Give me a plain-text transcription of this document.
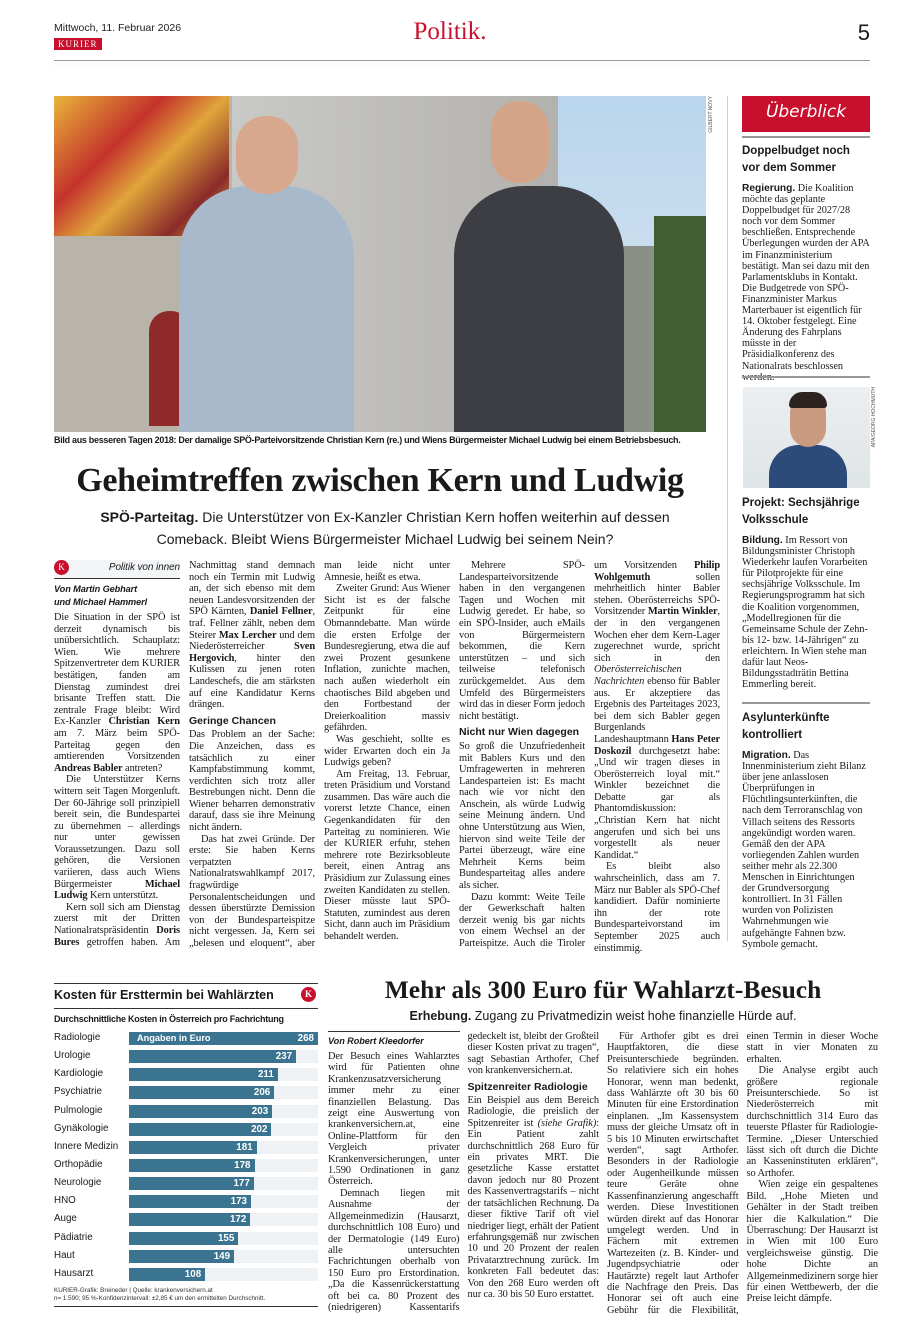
Mittwoch, 11. Februar 2026
KURIER	Politik.	5
GILBERT NOVY
Bild aus besseren Tagen 2018: Der damalige SPÖ-Parteivorsitzende Christian Kern (re.) und Wiens Bürgermeister Michael Ludwig bei einem Betriebsbesuch.
Geheimtreffen zwischen Kern und Ludwig
SPÖ-Parteitag. Die Unterstützer von Ex-Kanzler Christian Kern hoffen weiterhin auf dessen Comeback. Bleibt Wiens Bürgermeister Michael Ludwig bei seinem Nein?
K	Politik von innen
Von Martin Gebhart
und Michael Hammerl

Die Situation in der SPÖ ist derzeit dynamisch bis unübersichtlich. Schauplatz: Wien. Wie mehrere Spitzenvertreter dem KURIER bestätigen, fanden am Dienstag zumindest drei brisante Treffen statt. Die zentrale Frage bleibt: Wird Ex-Kanzler Christian Kern am 7. März beim SPÖ-Parteitag gegen den amtierenden Vorsitzenden Andreas Babler antreten?

Die Unterstützer Kerns wittern seit Tagen Morgenluft. Der 60-Jährige soll prinzipiell bereit sein, die Bundespartei zu übernehmen – allerdings nur unter gewissen Voraussetzungen. Dazu soll gehören, die Versionen variieren, dass auch Wiens Bürgermeister Michael Ludwig Kern unterstützt.

Kern soll sich am Dienstag zuerst mit der Dritten Nationalratspräsidentin Doris Bures getroffen haben. Am Nachmittag stand demnach noch ein Termin mit Ludwig an, der sich ebenso mit dem neuen Landesvorsitzenden der SPÖ Kärnten, Daniel Fellner, traf. Fellner zählt, neben dem Steirer Max Lercher und dem Niederösterreicher Sven Hergovich, hinter den Kulissen zu jenen roten Landeschefs, die am stärksten auf eine Kandidatur Kerns drängen.

Geringe Chancen

Das Problem an der Sache: Die Anzeichen, dass es tatsächlich zu einer Kampfabstimmung kommt, verdichten sich trotz aller Bestrebungen nicht. Denn die Wiener beharren demonstrativ darauf, dass sie ihre Meinung nicht ändern.

Das hat zwei Gründe. Der erste: Sie haben Kerns verpatzten Nationalratswahlkampf 2017, fragwürdige Personalentscheidungen und dessen überstürzte Demission von der Bundesparteispitze nicht vergessen. Ja, Kern sei „belesen und eloquent“, aber man leide nicht unter Amnesie, heißt es etwa.

Zweiter Grund: Aus Wiener Sicht ist es der falsche Zeitpunkt für eine Obmanndebatte. Man würde die ersten Erfolge der Bundesregierung, etwa die auf zwei Prozent gesunkene Inflation, zunichte machen, nach außen wiederholt ein chaotisches Bild abgeben und den Fortbestand der Dreierkoalition massiv gefährden.

Was geschieht, sollte es wider Erwarten doch ein Ja Ludwigs geben?

Am Freitag, 13. Februar, treten Präsidium und Vorstand zusammen. Das wäre auch die vorerst letzte Chance, einen Gegenkandidaten für den Parteitag zu nominieren. Wie der KURIER erfuhr, stehen mehrere rote Bezirksobleute bereit, einen Antrag ans Präsidium zur Zulassung eines zweiten Kandidaten zu stellen. Dieser müsste laut SPÖ-Statuten, zumindest aus deren Sicht, dann auch im Präsidium behandelt werden.

Mehrere SPÖ-Landesparteivorsitzende haben in den vergangenen Tagen und Wochen mit Ludwig geredet. Er habe, so ein SPÖ-Insider, auch eMails von Bürgermeistern bekommen, die Kern unterstützen – und sich teilweise telefonisch zurückgemeldet. Aus dem Umfeld des Bürgermeisters wird das in dieser Form jedoch nicht bestätigt.

Nicht nur Wien dagegen

So groß die Unzufriedenheit mit Bablers Kurs und den Umfragewerten in mehreren Landesparteien ist: Es macht nach wie vor nicht den Anschein, als würde Ludwig seine Meinung ändern. Und ohne Unterstützung aus Wien, hiervon sind weite Teile der Partei überzeugt, wäre eine Mehrheit Kerns beim Bundesparteitag alles andere als sicher.

Dazu kommt: Weite Teile der Gewerkschaft halten derzeit wenig bis gar nichts von einem Wechsel an der Parteispitze. Auch die Tiroler um Vorsitzenden Philip Wohlgemuth sollen mehrheitlich hinter Babler stehen. Oberösterreichs SPÖ-Vorsitzender Martin Winkler, der in den vergangenen Wochen eher dem Kern-Lager zugerechnet wurde, spricht sich in den Oberösterreichischen Nachrichten ebenso für Babler aus. Er akzeptiere das Ergebnis des Parteitages 2023, bei dem sich Babler gegen Burgenlands Landeshauptmann Hans Peter Doskozil durchgesetzt habe: „Und wir tragen dieses in Oberösterreich loyal mit.“ Winkler bezeichnet die Debatte gar als Phantomdiskussion: „Christian Kern hat nicht angerufen und sich bei uns vorgestellt als neuer Kandidat.“

Es bleibt also wahrscheinlich, dass am 7. März nur Babler als SPÖ-Chef kandidiert. Dafür nominierte ihn der rote Bundesparteivorstand im September 2025 auch einstimmig.

Überblick
Doppelbudget noch vor dem Sommer
Regierung. Die Koalition möchte das geplante Doppelbudget für 2027/28 noch vor dem Sommer beschließen. Entsprechende Überlegungen wurden der APA im Finanzministerium bestätigt. Man sei dazu mit den Parlamentsklubs in Kontakt. Die Budgetrede von SPÖ-Finanzminister Markus Marterbauer ist eigentlich für 14. Oktober festgelegt. Eine Änderung des Fahrplans müsste in der Präsidialkonferenz des Nationalrats beschlossen
APA/GEORG HOCHMUTH
Projekt: Sechsjährige Volksschule
Bildung. Im Ressort von Bildungsminister Christoph Wiederkehr laufen Vorarbeiten für Pilotprojekte für eine sechsjährige Volksschule. Im Regierungsprogramm hat sich die Koalition vorgenommen, „Modellregionen für die Gemeinsame Schule der Zehn- bis 12- bzw. 14-Jährigen“ zu erleichtern. In Wien stehe man dafür laut Neos-Bildungsstadträtin Bettina Emmerling bereit.
Asylunterkünfte kontrolliert
Migration. Das Innenministerium zieht Bilanz über jene anlasslosen Überprüfungen in Flüchtlingsunterkünften, die nach dem Terroranschlag von Villach seitens des Ressorts angekündigt worden waren. Gemäß den der APA vorliegenden Zahlen wurden seither mehr als 22.300 Menschen in Einrichtungen der Grundversorgung kontrolliert. In 31 Fällen wurden von Polizisten Wahrnehmungen wie aufgehängte Fahnen bzw. Symbole gemacht.
Kosten für Ersttermin bei Wahlärzten	K
Durchschnittliche Kosten in Österreich pro Fachrichtung
Radiologie	268
Angaben in Euro
Urologie	237
Kardiologie	211
Psychiatrie	206
Pulmologie	203
Gynäkologie	202
Innere Medizin	181
Orthopädie	178
Neurologie	177
HNO	173
Auge	172
Pädiatrie	155
Haut	149
Hausarzt	108
KURIER-Grafik: Breineder | Quelle: krankenversichern.at
n= 1.590; 95 %-Konfidenzintervall: ±2,85 € um den ermittelten Durchschnitt.
Mehr als 300 Euro für Wahlarzt-Besuch
Erhebung. Zugang zu Privatmedizin weist hohe finanzielle Hürde auf.
Von Robert Kleedorfer

Der Besuch eines Wahlarztes wird für Patienten ohne Krankenzusatzversicherung immer mehr zu einer finanziellen Belastung. Das zeigt eine Auswertung von krankenversichern.at, eine Online-Plattform für den Vergleich privater Krankenversicherungen, unter 1.590 Ordinationen in ganz Österreich.

Demnach liegen mit Ausnahme der Allgemeinmedizin (Hausarzt, durchschnittlich 108 Euro) und der Dermatologie (149 Euro) alle untersuchten Fachrichtungen oberhalb von 150 Euro pro Erstordination. „Da die Kassenrückerstattung oft bei ca. 80 Prozent des (niedrigeren) Kassentarifs gedeckelt ist, bleibt der Großteil dieser Kosten privat zu tragen“, sagt Sebastian Arthofer, Chef von krankenversichern.at.

Spitzenreiter Radiologie

Ein Beispiel aus dem Bereich Radiologie, die preislich der Spitzenreiter ist (siehe Grafik): Ein Patient zahlt durchschnittlich 268 Euro für ein privates MRT. Die gesetzliche Kasse erstattet davon jedoch nur 80 Prozent des Kassenvertragstarifs – nicht der tatsächlichen Rechnung. Da dieser fiktive Tarif oft viel niedriger liegt, erhält der Patient erfahrungsgemäß nur zwischen 10 und 20 Prozent der realen Privatarztrechnung zurück. Im konkreten Fall bedeutet das: Von den 268 Euro werden oft nur ca. 30 bis 50 Euro erstattet.

Für Arthofer gibt es drei Hauptfaktoren, die diese Preisunterschiede begründen. So relativiere sich ein hohes Honorar, wenn man bedenkt, dass Wahlärzte oft 30 bis 60 Minuten für eine Erstordination einplanen. „Im Kassensystem muss der gleiche Umsatz oft in 5 bis 10 Minuten erwirtschaftet werden“, sagt Arthofer. Besonders in der Radiologie oder Augenheilkunde müssen teure Geräte ohne Kassenfinanzierung angeschafft werden. Diese Investitionen würden direkt auf das Honorar umgelegt werden. Und in Fächern mit extremen Wartezeiten (z. B. Kinder- und Jugendpsychiatrie oder Hautärzte) regelt laut Arthofer die Nachfrage den Preis. Das Honorar sei oft auch eine Gebühr für die Flexibilität, einen Termin in dieser Woche statt in vier Monaten zu erhalten.

Die Analyse ergibt auch größere regionale Preisunterschiede. So ist Niederösterreich mit durchschnittlich 314 Euro das teuerste Pflaster für Radiologie-Termine. „Dieser Unterschied lässt sich oft durch die Dichte an Kasseninstituten erklären“, so Arthofer.

Wien zeige ein gespaltenes Bild. „Hohe Mieten und Gehälter in der Stadt treiben hier die Kalkulation.“ Die Überraschung: Der Hausarzt ist in Wien mit 100 Euro vergleichsweise günstig. Die hohe Dichte an Allgemeinmedizinern sorge hier für einen Wettbewerb, der die Preise leicht dämpfe.
